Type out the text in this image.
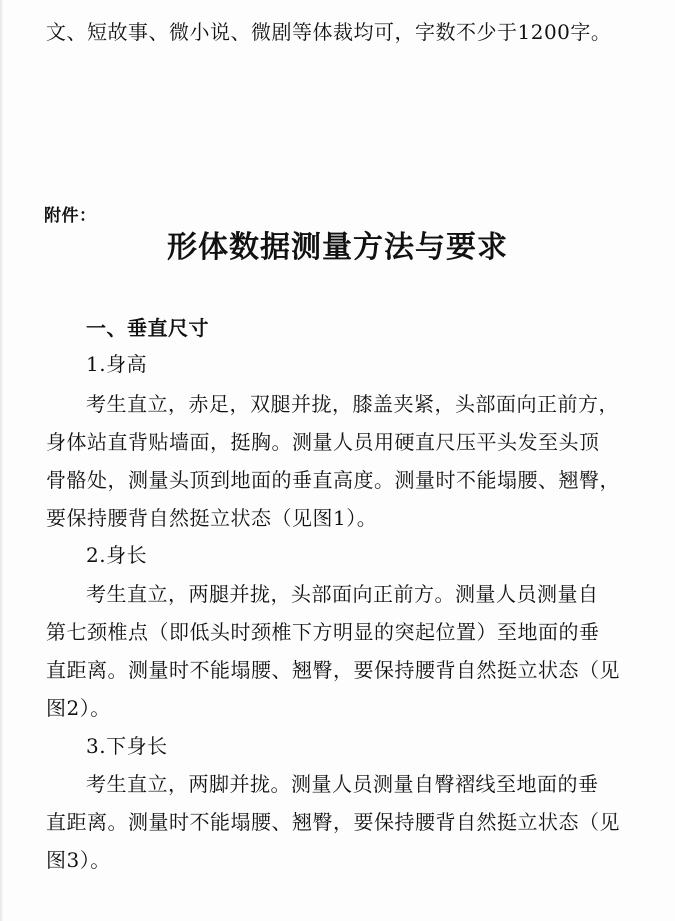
文、短故事、微小说、微剧等体裁均可，字数不少于1200字。
附件：
形体数据测量方法与要求
一、垂直尺寸
1.身高
考生直立，赤足，双腿并拢，膝盖夹紧，头部面向正前方，
身体站直背贴墙面，挺胸。测量人员用硬直尺压平头发至头顶
骨骼处，测量头顶到地面的垂直高度。测量时不能塌腰、翘臀，
要保持腰背自然挺立状态（见图1）。
2.身长
考生直立，两腿并拢，头部面向正前方。测量人员测量自
第七颈椎点（即低头时颈椎下方明显的突起位置）至地面的垂
直距离。测量时不能塌腰、翘臀，要保持腰背自然挺立状态（见
图2）。
3.下身长
考生直立，两脚并拢。测量人员测量自臀褶线至地面的垂
直距离。测量时不能塌腰、翘臀，要保持腰背自然挺立状态（见
图3）。
